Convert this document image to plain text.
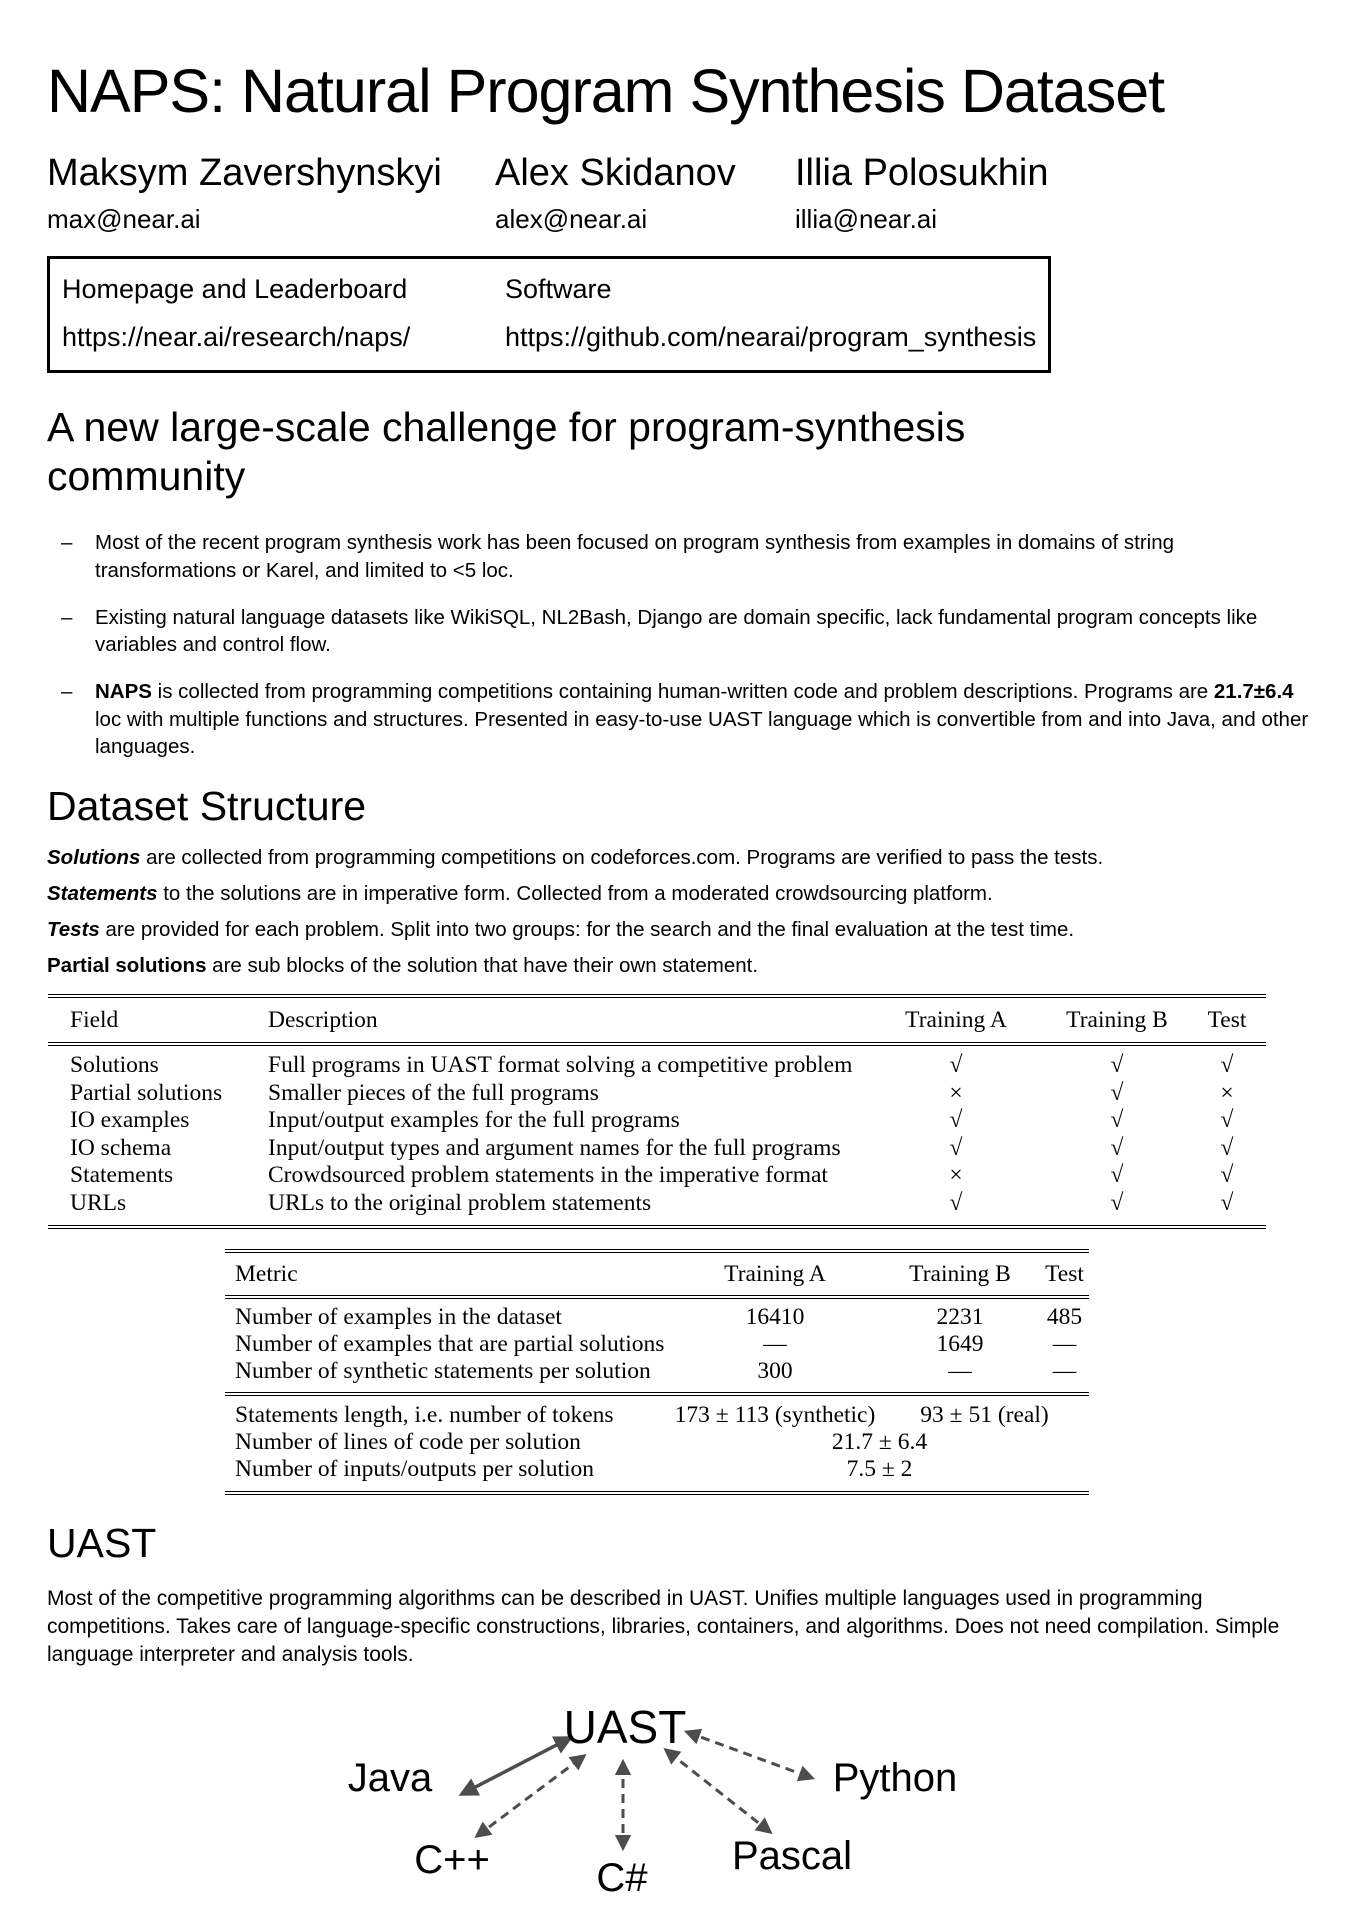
NAPS: Natural Program Synthesis Dataset
Maksym Zavershynskyi
max@near.ai
Alex Skidanov
alex@near.ai
Illia Polosukhin
illia@near.ai
Homepage and Leaderboard	Software
https://near.ai/research/naps/	https://github.com/nearai/program_synthesis
A new large-scale challenge for program-synthesis community
– Most of the recent program synthesis work has been focused on program synthesis from examples in domains of string transformations or Karel, and limited to <5 loc.
– Existing natural language datasets like WikiSQL, NL2Bash, Django are domain specific, lack fundamental program concepts like variables and control flow.
– NAPS is collected from programming competitions containing human-written code and problem descriptions. Programs are 21.7±6.4 loc with multiple functions and structures. Presented in easy-to-use UAST language which is convertible from and into Java, and other languages.
Dataset Structure
Solutions are collected from programming competitions on codeforces.com. Programs are verified to pass the tests.
Statements to the solutions are in imperative form. Collected from a moderated crowdsourcing platform.
Tests are provided for each problem. Split into two groups: for the search and the final evaluation at the test time.
Partial solutions are sub blocks of the solution that have their own statement.
Field	Description	Training A	Training B	Test
Solutions	Full programs in UAST format solving a competitive problem	√	√	√
Partial solutions	Smaller pieces of the full programs	×	√	×
IO examples	Input/output examples for the full programs	√	√	√
IO schema	Input/output types and argument names for the full programs	√	√	√
Statements	Crowdsourced problem statements in the imperative format	×	√	√
URLs	URLs to the original problem statements	√	√	√
Metric	Training A	Training B	Test
Number of examples in the dataset	16410	2231	485
Number of examples that are partial solutions	—	1649	—
Number of synthetic statements per solution	300	—	—
Statements length, i.e. number of tokens	173 ± 113 (synthetic)	93 ± 51 (real)
Number of lines of code per solution	21.7 ± 6.4
Number of inputs/outputs per solution	7.5 ± 2
UAST

Most of the competitive programming algorithms can be described in UAST. Unifies multiple languages used in programming competitions. Takes care of language-specific constructions, libraries, containers, and algorithms. Does not need compilation. Simple language interpreter and analysis tools.

UAST
Java	Python
C++	C# Pascal
